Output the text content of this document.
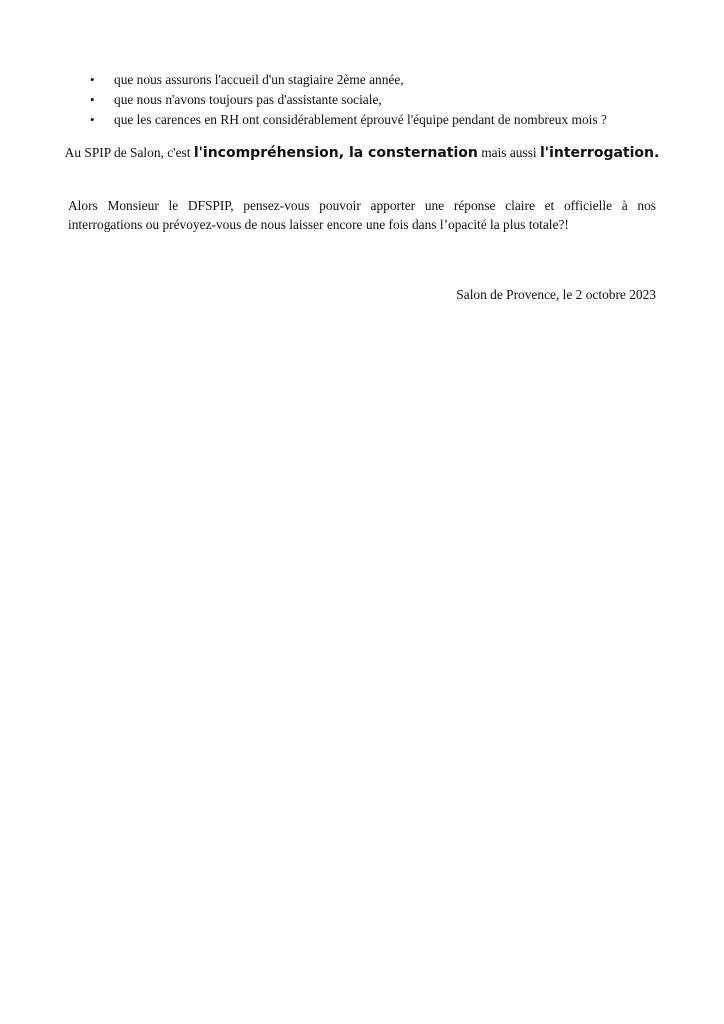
• que nous assurons l'accueil d'un stagiaire 2ème année,
• que nous n'avons toujours pas d'assistante sociale,
• que les carences en RH ont considérablement éprouvé l'équipe pendant de nombreux mois ?

Au SPIP de Salon, c'est l'incompréhension, la consternation mais aussi l'interrogation.

Alors Monsieur le DFSPIP, pensez-vous pouvoir apporter une réponse claire et officielle à nos
interrogations ou prévoyez-vous de nous laisser encore une fois dans l’opacité la plus totale?!

Salon de Provence, le 2 octobre 2023
